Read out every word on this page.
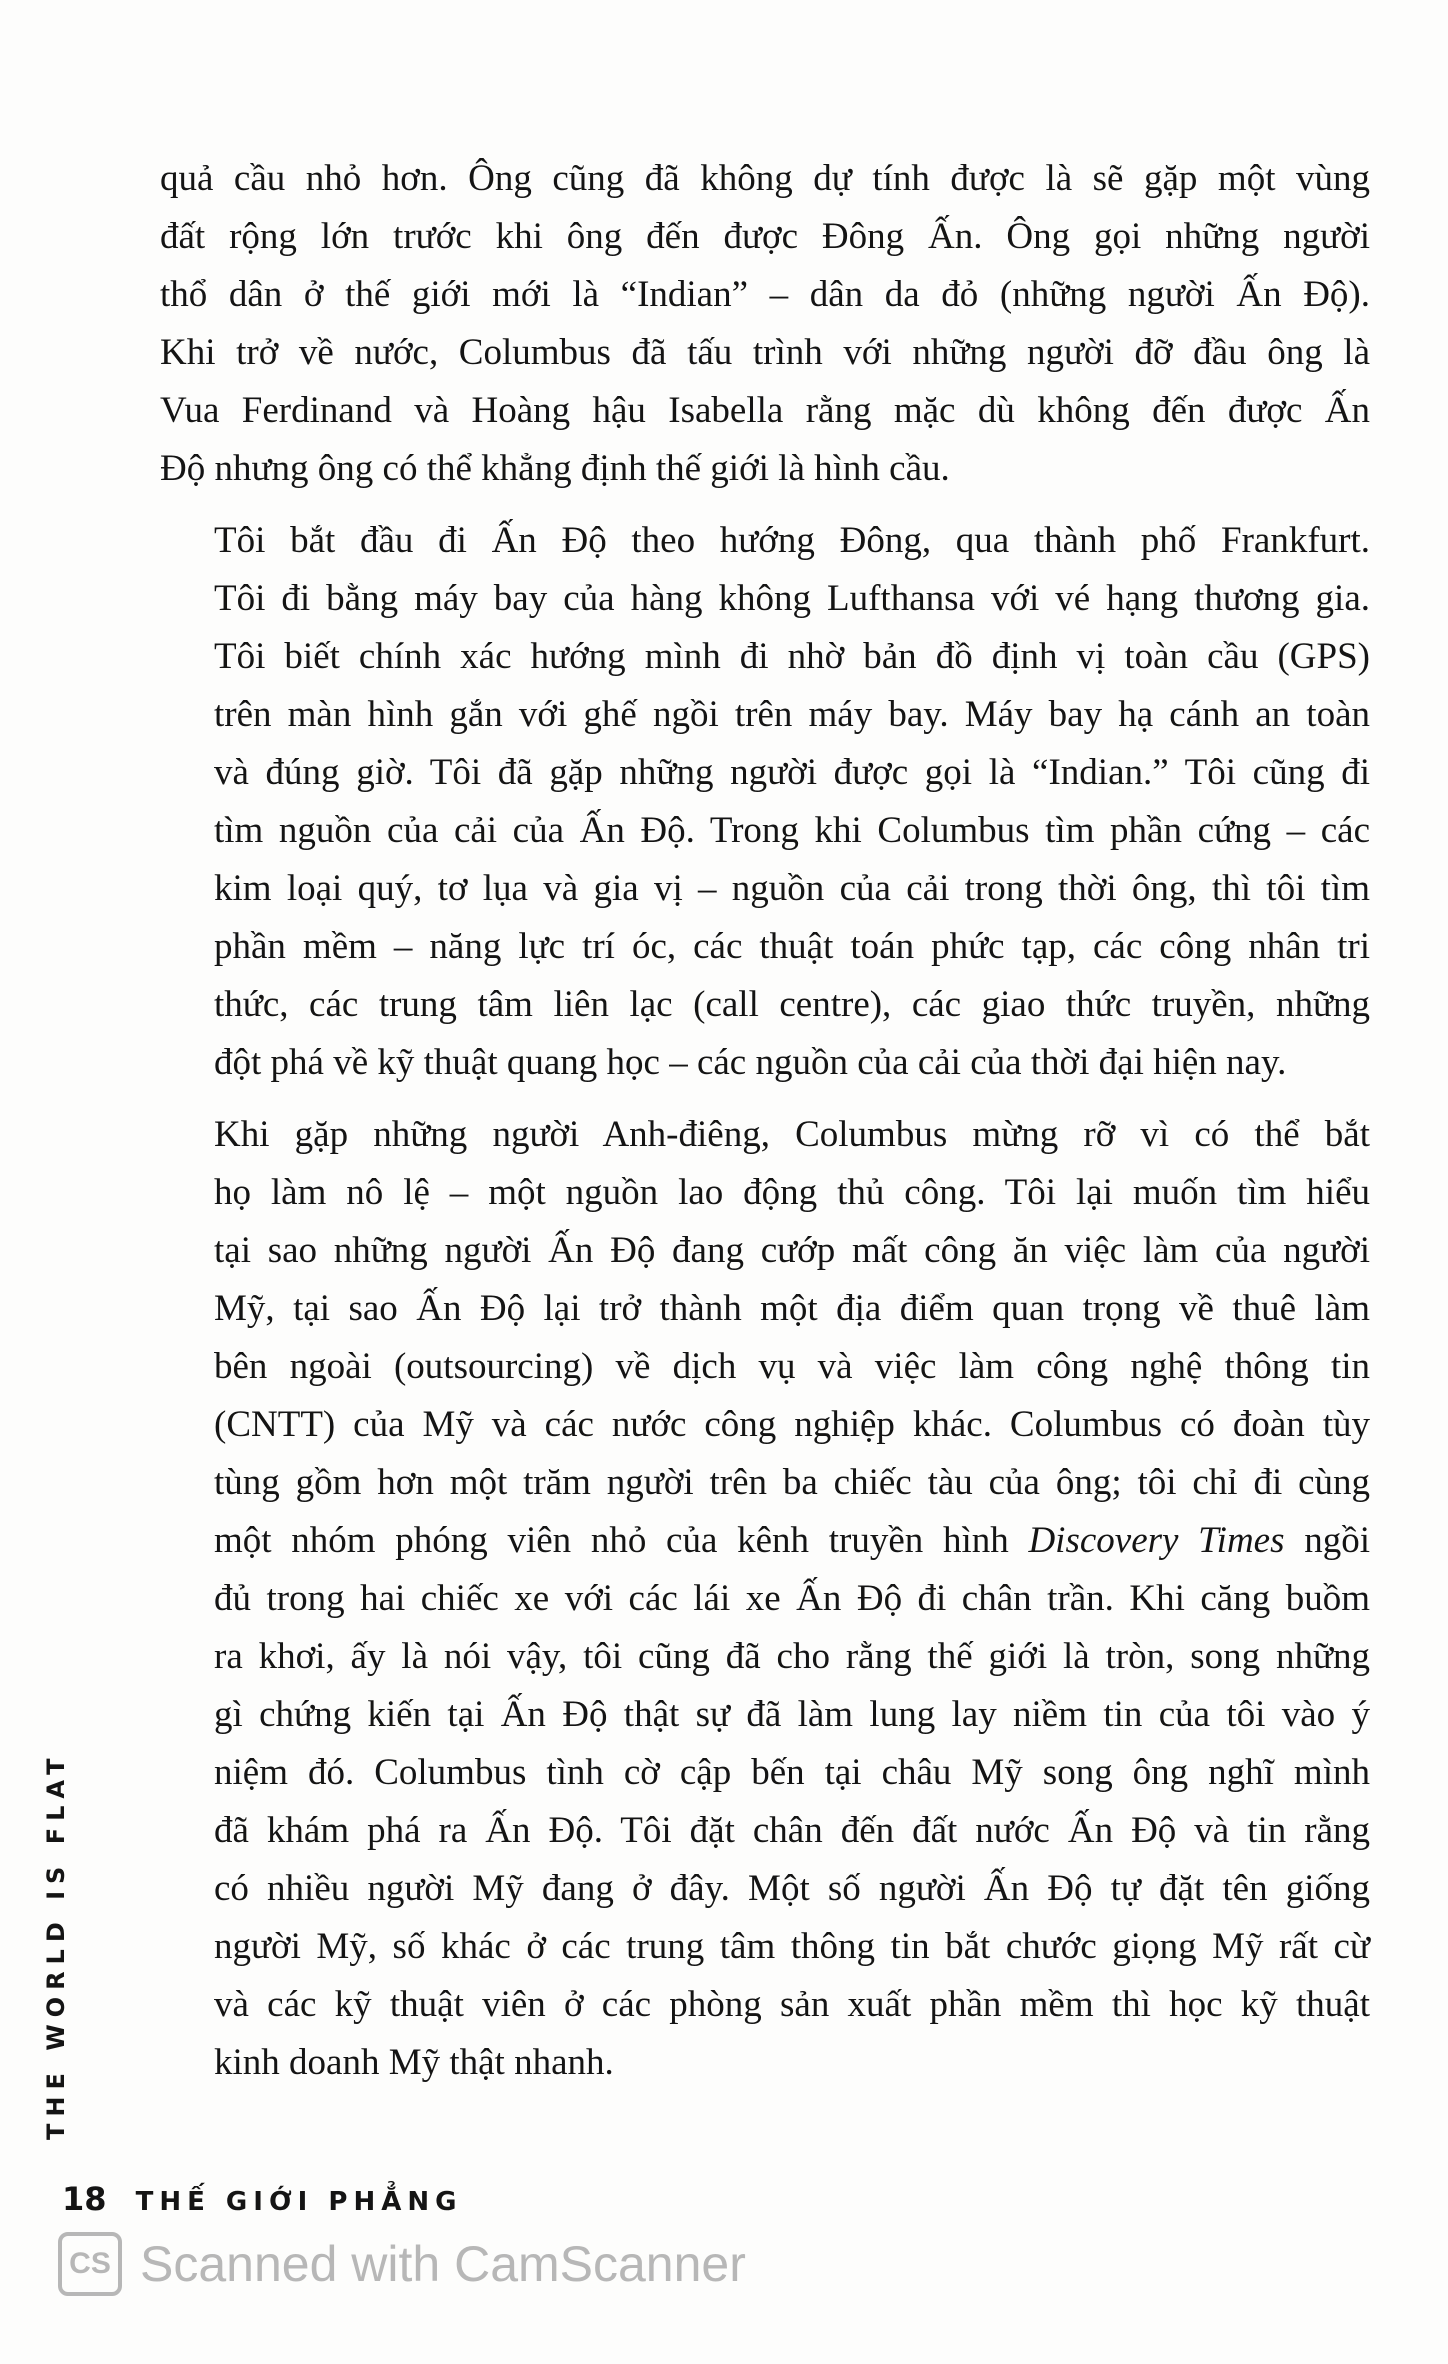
quả cầu nhỏ hơn. Ông cũng đã không dự tính được là sẽ gặp một vùng
đất rộng lớn trước khi ông đến được Đông Ấn. Ông gọi những người
thổ dân ở thế giới mới là “Indian” – dân da đỏ (những người Ấn Độ).
Khi trở về nước, Columbus đã tấu trình với những người đỡ đầu ông là
Vua Ferdinand và Hoàng hậu Isabella rằng mặc dù không đến được Ấn
Độ nhưng ông có thể khẳng định thế giới là hình cầu.

Tôi bắt đầu đi Ấn Độ theo hướng Đông, qua thành phố Frankfurt.
Tôi đi bằng máy bay của hàng không Lufthansa với vé hạng thương gia.
Tôi biết chính xác hướng mình đi nhờ bản đồ định vị toàn cầu (GPS)
trên màn hình gắn với ghế ngồi trên máy bay. Máy bay hạ cánh an toàn
và đúng giờ. Tôi đã gặp những người được gọi là “Indian.” Tôi cũng đi
tìm nguồn của cải của Ấn Độ. Trong khi Columbus tìm phần cứng – các
kim loại quý, tơ lụa và gia vị – nguồn của cải trong thời ông, thì tôi tìm
phần mềm – năng lực trí óc, các thuật toán phức tạp, các công nhân tri
thức, các trung tâm liên lạc (call centre), các giao thức truyền, những
đột phá về kỹ thuật quang học – các nguồn của cải của thời đại hiện nay.

Khi gặp những người Anh-điêng, Columbus mừng rỡ vì có thể bắt
họ làm nô lệ – một nguồn lao động thủ công. Tôi lại muốn tìm hiểu
tại sao những người Ấn Độ đang cướp mất công ăn việc làm của người
Mỹ, tại sao Ấn Độ lại trở thành một địa điểm quan trọng về thuê làm
bên ngoài (outsourcing) về dịch vụ và việc làm công nghệ thông tin
(CNTT) của Mỹ và các nước công nghiệp khác. Columbus có đoàn tùy
tùng gồm hơn một trăm người trên ba chiếc tàu của ông; tôi chỉ đi cùng
một nhóm phóng viên nhỏ của kênh truyền hình Discovery Times ngồi
đủ trong hai chiếc xe với các lái xe Ấn Độ đi chân trần. Khi căng buồm
ra khơi, ấy là nói vậy, tôi cũng đã cho rằng thế giới là tròn, song những
gì chứng kiến tại Ấn Độ thật sự đã làm lung lay niềm tin của tôi vào ý
niệm đó. Columbus tình cờ cập bến tại châu Mỹ song ông nghĩ mình
đã khám phá ra Ấn Độ. Tôi đặt chân đến đất nước Ấn Độ và tin rằng
có nhiều người Mỹ đang ở đây. Một số người Ấn Độ tự đặt tên giống
người Mỹ, số khác ở các trung tâm thông tin bắt chước giọng Mỹ rất cừ
và các kỹ thuật viên ở các phòng sản xuất phần mềm thì học kỹ thuật
kinh doanh Mỹ thật nhanh.

THE WORLD IS FLAT
18 THẾ GIỚI PHẲNG
CS Scanned with CamScanner
